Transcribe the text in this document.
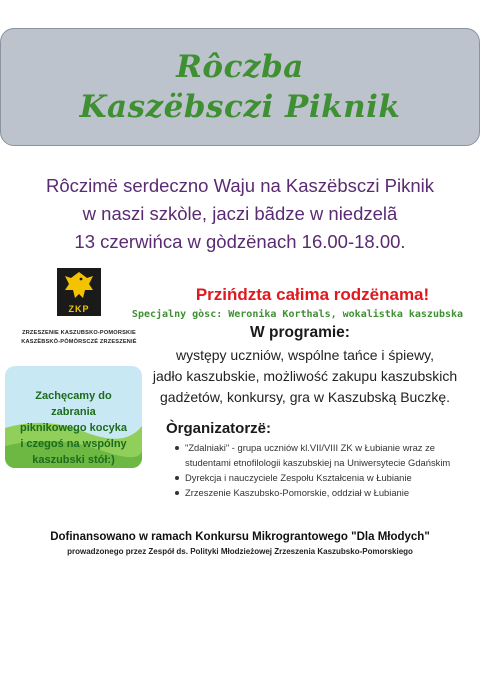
Rôczba
Kaszëbsczi Piknik
Rôczimë serdeczno Waju na Kaszëbsczi Piknik
w naszi szkòle, jaczi bãdze w niedzelã
13 czerwińca w gòdzënach 16.00-18.00.
ZKP
ZRZESZENIE KASZUBSKO-POMORSKIE
KASZËBSKÒ-PÒMÒRSCZÉ ZRZESZENIÉ
Zachęcamy do
zabrania
piknikowego kocyka
i czegoś na wspólny
kaszubski stół:)
Przińdzta całima rodzënama!
Specjalny gòsc: Weronika Korthals, wokalistka kaszubska
W programie:
występy uczniów, wspólne tańce i śpiewy,
jadło kaszubskie, możliwość zakupu kaszubskich
gadżetów, konkursy, gra w Kaszubską Buczkę.
Òrganizatorzë:
"Zdalniaki" - grupa uczniów kl.VII/VIII ZK w Łubianie wraz ze studentami etnofilologii kaszubskiej na Uniwersytecie Gdańskim
Dyrekcja i nauczyciele Zespołu Kształcenia w Łubianie
Zrzeszenie Kaszubsko-Pomorskie, oddział w Łubianie
Dofinansowano w ramach Konkursu Mikrograntowego "Dla Młodych"
prowadzonego przez Zespół ds. Polityki Młodzieżowej Zrzeszenia Kaszubsko-Pomorskiego
